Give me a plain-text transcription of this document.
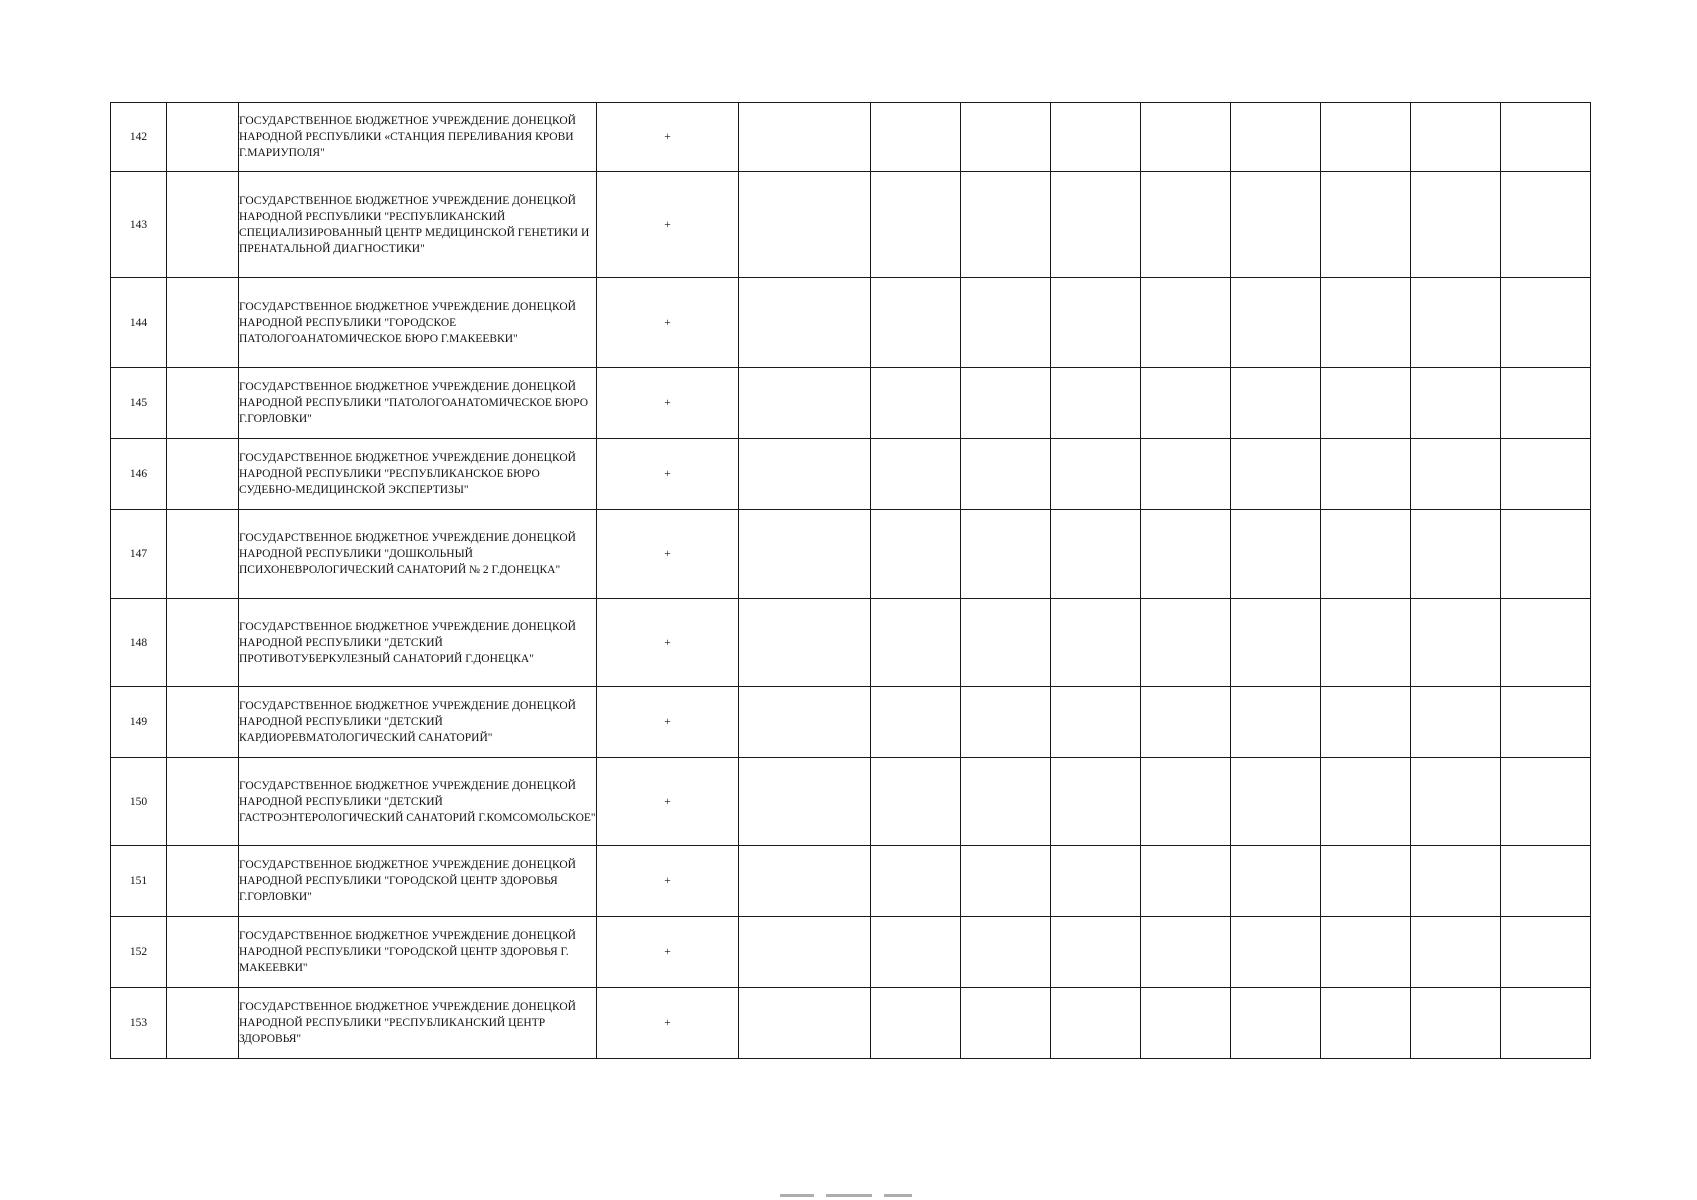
142		ГОСУДАРСТВЕННОЕ БЮДЖЕТНОЕ УЧРЕЖДЕНИЕ ДОНЕЦКОЙ НАРОДНОЙ РЕСПУБЛИКИ «СТАНЦИЯ ПЕРЕЛИВАНИЯ КРОВИ Г.МАРИУПОЛЯ"	+									
143		ГОСУДАРСТВЕННОЕ БЮДЖЕТНОЕ УЧРЕЖДЕНИЕ ДОНЕЦКОЙ НАРОДНОЙ РЕСПУБЛИКИ "РЕСПУБЛИКАНСКИЙ СПЕЦИАЛИЗИРОВАННЫЙ ЦЕНТР МЕДИЦИНСКОЙ ГЕНЕТИКИ И ПРЕНАТАЛЬНОЙ ДИАГНОСТИКИ"	+									
144		ГОСУДАРСТВЕННОЕ БЮДЖЕТНОЕ УЧРЕЖДЕНИЕ ДОНЕЦКОЙ НАРОДНОЙ РЕСПУБЛИКИ "ГОРОДСКОЕ ПАТОЛОГОАНАТОМИЧЕСКОЕ БЮРО Г.МАКЕЕВКИ"	+									
145		ГОСУДАРСТВЕННОЕ БЮДЖЕТНОЕ УЧРЕЖДЕНИЕ ДОНЕЦКОЙ НАРОДНОЙ РЕСПУБЛИКИ "ПАТОЛОГОАНАТОМИЧЕСКОЕ БЮРО Г.ГОРЛОВКИ"	+									
146		ГОСУДАРСТВЕННОЕ БЮДЖЕТНОЕ УЧРЕЖДЕНИЕ ДОНЕЦКОЙ НАРОДНОЙ РЕСПУБЛИКИ "РЕСПУБЛИКАНСКОЕ БЮРО СУДЕБНО-МЕДИЦИНСКОЙ ЭКСПЕРТИЗЫ"	+									
147		ГОСУДАРСТВЕННОЕ БЮДЖЕТНОЕ УЧРЕЖДЕНИЕ ДОНЕЦКОЙ НАРОДНОЙ РЕСПУБЛИКИ "ДОШКОЛЬНЫЙ ПСИХОНЕВРОЛОГИЧЕСКИЙ САНАТОРИЙ № 2 Г.ДОНЕЦКА"	+									
148		ГОСУДАРСТВЕННОЕ БЮДЖЕТНОЕ УЧРЕЖДЕНИЕ ДОНЕЦКОЙ НАРОДНОЙ РЕСПУБЛИКИ "ДЕТСКИЙ ПРОТИВОТУБЕРКУЛЕЗНЫЙ САНАТОРИЙ Г.ДОНЕЦКА"	+									
149		ГОСУДАРСТВЕННОЕ БЮДЖЕТНОЕ УЧРЕЖДЕНИЕ ДОНЕЦКОЙ НАРОДНОЙ РЕСПУБЛИКИ "ДЕТСКИЙ КАРДИОРЕВМАТОЛОГИЧЕСКИЙ САНАТОРИЙ"	+									
150		ГОСУДАРСТВЕННОЕ БЮДЖЕТНОЕ УЧРЕЖДЕНИЕ ДОНЕЦКОЙ НАРОДНОЙ РЕСПУБЛИКИ "ДЕТСКИЙ ГАСТРОЭНТЕРОЛОГИЧЕСКИЙ САНАТОРИЙ Г.КОМСОМОЛЬСКОЕ"	+									
151		ГОСУДАРСТВЕННОЕ БЮДЖЕТНОЕ УЧРЕЖДЕНИЕ ДОНЕЦКОЙ НАРОДНОЙ РЕСПУБЛИКИ "ГОРОДСКОЙ ЦЕНТР ЗДОРОВЬЯ Г.ГОРЛОВКИ"	+									
152		ГОСУДАРСТВЕННОЕ БЮДЖЕТНОЕ УЧРЕЖДЕНИЕ ДОНЕЦКОЙ НАРОДНОЙ РЕСПУБЛИКИ "ГОРОДСКОЙ ЦЕНТР ЗДОРОВЬЯ Г. МАКЕЕВКИ"	+									
153		ГОСУДАРСТВЕННОЕ БЮДЖЕТНОЕ УЧРЕЖДЕНИЕ ДОНЕЦКОЙ НАРОДНОЙ РЕСПУБЛИКИ "РЕСПУБЛИКАНСКИЙ ЦЕНТР ЗДОРОВЬЯ"	+									
